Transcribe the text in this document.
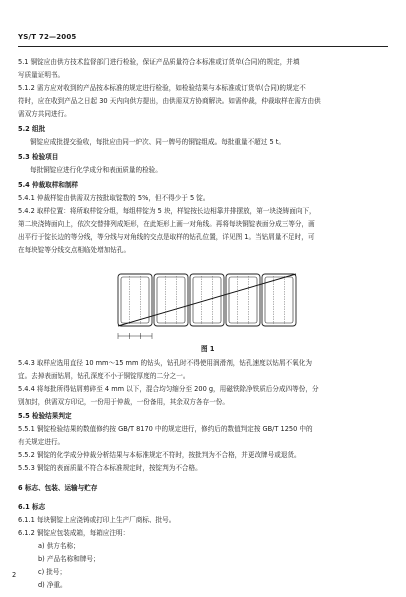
YS/T 72—2005
5.1 铜锭应由供方技术监督部门进行检验，保证产品质量符合本标准或订货单(合同)的规定，并填
写质量证明书。
5.1.2 需方应对收到的产品按本标准的规定进行检验，如检验结果与本标准或订货单(合同)的规定不
符时，应在收到产品之日起 30 天内向供方提出，由供需双方协商解决。如需仲裁，仲裁取样在需方由供
需双方共同进行。
5.2 组批
铜锭应成批提交验收，每批应由同一炉次、同一牌号的铜锭组成。每批重量不超过 5 t。
5.3 检验项目
每批铜锭应进行化学成分和表面质量的检验。
5.4 仲裁取样和制样
5.4.1 仲裁样锭由供需双方按批取锭数的 5%，但不得少于 5 锭。
5.4.2 取样位置：将所取样锭分组，每组样锭为 5 块，样锭按长边相靠并排摆放，第一块浇铸面向下，
第二块浇铸面向上，依次交替排列成矩形，在此矩形上画一对角线。再将每块铜锭表面分成三等分，画
出平行于锭长边的等分线，等分线与对角线的交点是取样的钻孔位置，详见图 1。当钻屑量不足时，可
在每块锭等分线交点相临处增加钻孔。
5.4.3 取样应选用直径 10 mm～15 mm 的钻头，钻孔时不得使用润滑剂，钻孔速度以钻屑不氧化为
宜。去掉表面钻屑，钻孔深度不小于铜锭厚度的二分之一。
5.4.4 将每批所得钻屑剪碎至 4 mm 以下，混合均匀缩分至 200 g，用磁铁除净铁质后分成四等份，分
别加封，供需双方印记，一份用于仲裁，一份备用，其余双方各存一份。
5.5 检验结果判定
5.5.1 铜锭检验结果的数值修约按 GB/T 8170 中的规定进行，修约后的数值判定按 GB/T 1250 中的
有关规定进行。
5.5.2 铜锭的化学成分仲裁分析结果与本标准规定不符时，按批判为不合格，并更改牌号或退货。
5.5.3 铜锭的表面质量不符合本标准规定时，按锭判为不合格。
6 标志、包装、运输与贮存
6.1 标志
6.1.1 每块铜锭上应浇铸或打印上生产厂商标、批号。
6.1.2 铜锭应包装成箱，每箱应注明：
a) 供方名称；
b) 产品名称和牌号；
c) 批号；
d) 净重。
图 1
2
